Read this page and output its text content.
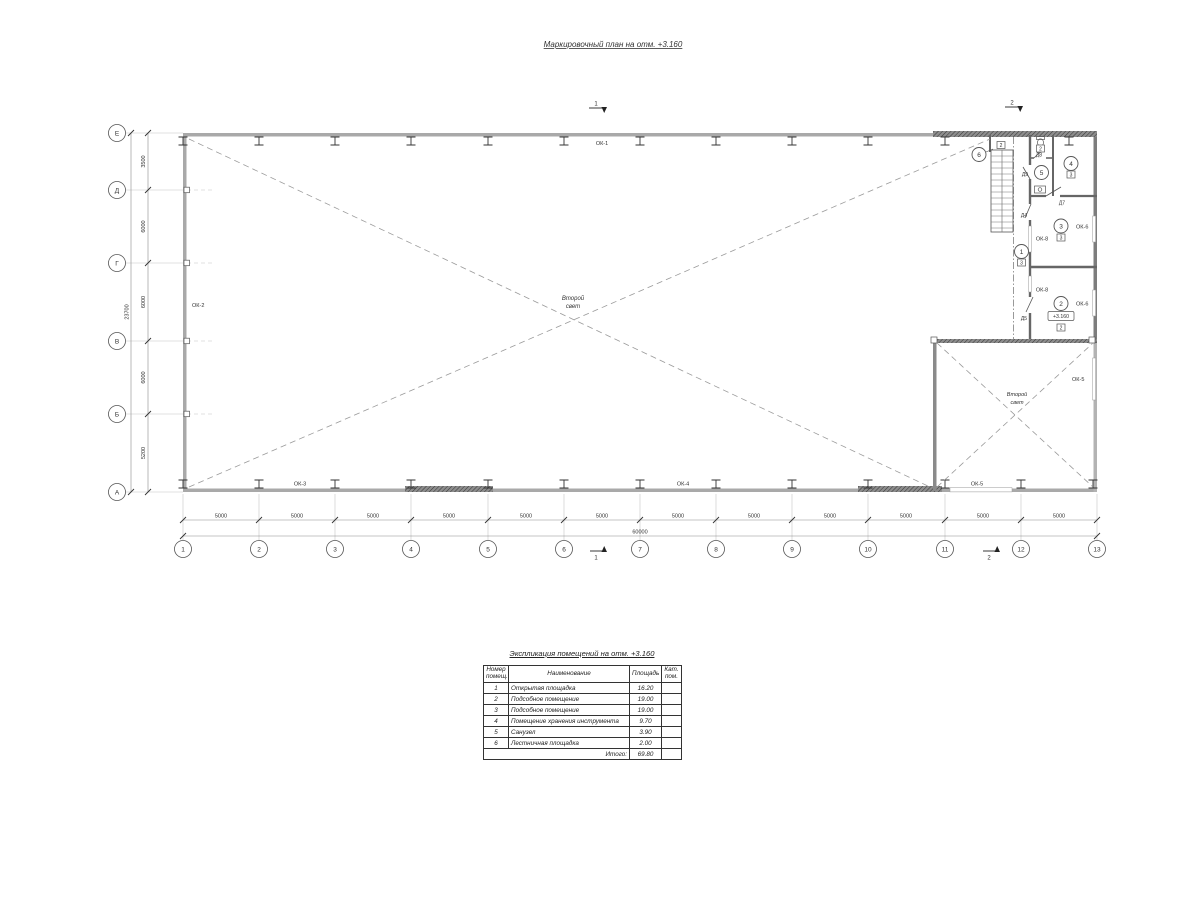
Маркировочный план на отм. +3.160
Е
Д
Г
В
Б
А
1	2	3	4	5	6	7	8	9	10	11	12	13
5000	5000	5000	5000	5000	5000	5000	5000	5000	5000	5000	5000
60000
3500
6000
6000
6000
5200
23700
ОК-1
ОК-2
ОК-3	ОК-4
ОК-5
ОК-5
ОК-6
ОК-6
ОК-8
ОК-8
Д4
Д5
Д7
Д8
Д9
Второй
свет
Второй
свет
6
2
2
5
4
3
3
3
1
3
2
+3.160
2
1	2
1	2
Экспликация помещений на отм. +3.160
Номер помещ.	Наименование	Площадь	Кат. пом.
1	Открытая площадка	16.20	
2	Подсобное помещение	19.00	
3	Подсобное помещение	19.00	
4	Помещение хранения инструмента	9.70	
5	Санузел	3.90	
6	Лестничная площадка	2.00	
Итого:		69.80	
